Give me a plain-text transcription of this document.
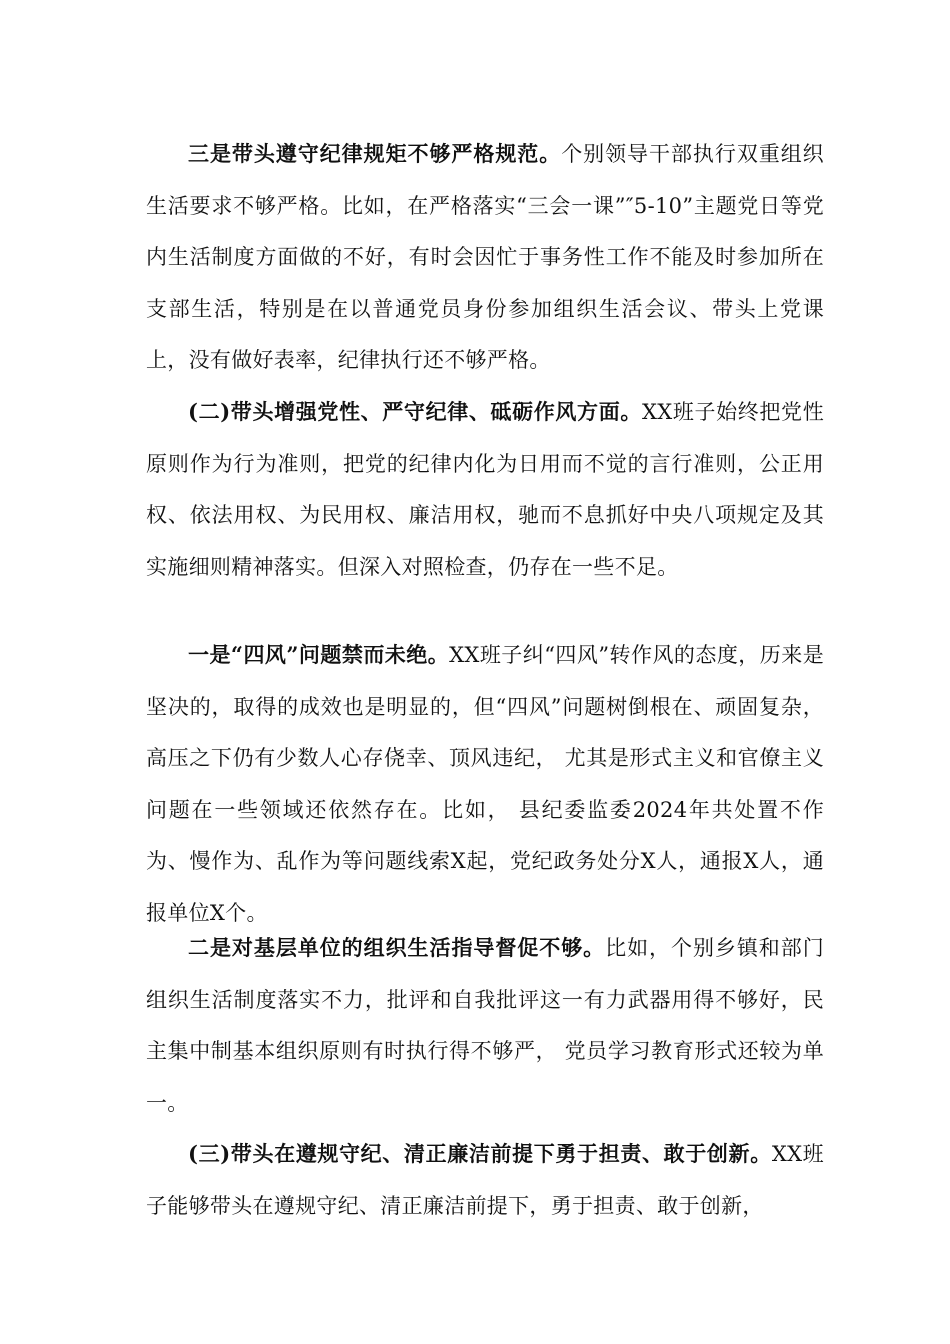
三是带头遵守纪律规矩不够严格规范。个别领导干部执行双重组织生活要求不够严格。比如，在严格落实“三会一课”″5-10”主题党日等党内生活制度方面做的不好，有时会因忙于事务性工作不能及时参加所在支部生活，特别是在以普通党员身份参加组织生活会议、带头上党课上，没有做好表率，纪律执行还不够严格。

(二)带头增强党性、严守纪律、砥砺作风方面。XX班子始终把党性原则作为行为准则，把党的纪律内化为日用而不觉的言行准则，公正用权、依法用权、为民用权、廉洁用权，驰而不息抓好中央八项规定及其实施细则精神落实。但深入对照检查，仍存在一些不足。

一是“四风”问题禁而未绝。XX班子纠“四风”转作风的态度，历来是坚决的，取得的成效也是明显的，但“四风”问题树倒根在、顽固复杂，高压之下仍有少数人心存侥幸、顶风违纪， 尤其是形式主义和官僚主义问题在一些领域还依然存在。比如， 县纪委监委2024年共处置不作为、慢作为、乱作为等问题线索X起，党纪政务处分X人，通报X人，通报单位X个。

二是对基层单位的组织生活指导督促不够。比如，个别乡镇和部门组织生活制度落实不力，批评和自我批评这一有力武器用得不够好，民主集中制基本组织原则有时执行得不够严， 党员学习教育形式还较为单一。

(三)带头在遵规守纪、清正廉洁前提下勇于担责、敢于创新。XX班子能够带头在遵规守纪、清正廉洁前提下，勇于担责、敢于创新，
